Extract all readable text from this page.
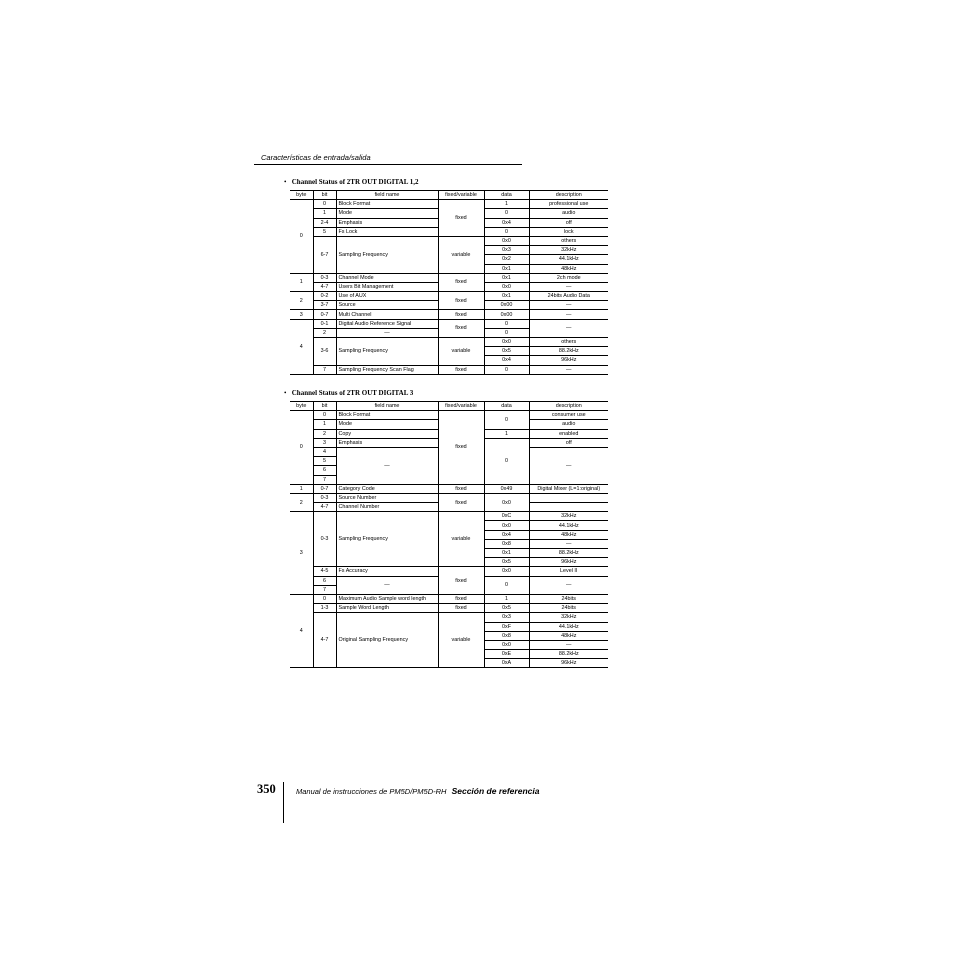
Características de entrada/salida
• Channel Status of 2TR OUT DIGITAL 1,2
byte	bit	field name	fixed/variable	data	description
0	0	Block Format	fixed	1	professional use
	1	Mode		0	audio
	2-4	Emphasis		0x4	off
	5	Fs Lock		0	lock
	6-7	Sampling Frequency	variable	0x0	others
				0x3	32kHz
				0x2	44.1kHz
				0x1	48kHz
1	0-3	Channel Mode	fixed	0x1	2ch mode
	4-7	Users Bit Management		0x0	—
2	0-2	Use of AUX	fixed	0x1	24bits Audio Data
	3-7	Source		0x00	—
3	0-7	Multi Channel	fixed	0x00	—
4	0-1	Digital Audio Reference Signal	fixed	0	—
	2	—		0	
	3-6	Sampling Frequency	variable	0x0	others
				0x5	88.2kHz
				0x4	96kHz
	7	Sampling Frequency Scan Flag	fixed	0	—
• Channel Status of 2TR OUT DIGITAL 3
byte	bit	field name	fixed/variable	data	description
0	0	Block Format	fixed	0	consumer use
	1	Mode			audio
	2	Copy		1	enabled
	3	Emphasis		0	off
	4	—			—
	5				
	6				
	7				
1	0-7	Category Code	fixed	0x49	Digital Mixer (L=1:original)
2	0-3	Source Number	fixed	0x0	
	4-7	Channel Number			
3	0-3	Sampling Frequency	variable	0xC	32kHz
				0x0	44.1kHz
				0x4	48kHz
				0x8	—
				0x1	88.2kHz
				0x5	96kHz
	4-5	Fs Accuracy	fixed	0x0	Level II
	6	—		0	—
	7				
4	0	Maximum Audio Sample word length	fixed	1	24bits
	1-3	Sample Word Length	fixed	0x5	24bits
	4-7	Original Sampling Frequency	variable	0x3	32kHz
				0xF	44.1kHz
				0x8	48kHz
				0x0	—
				0xE	88.2kHz
				0xA	96kHz
350	Manual de instrucciones de PM5D/PM5D-RH Sección de referencia
